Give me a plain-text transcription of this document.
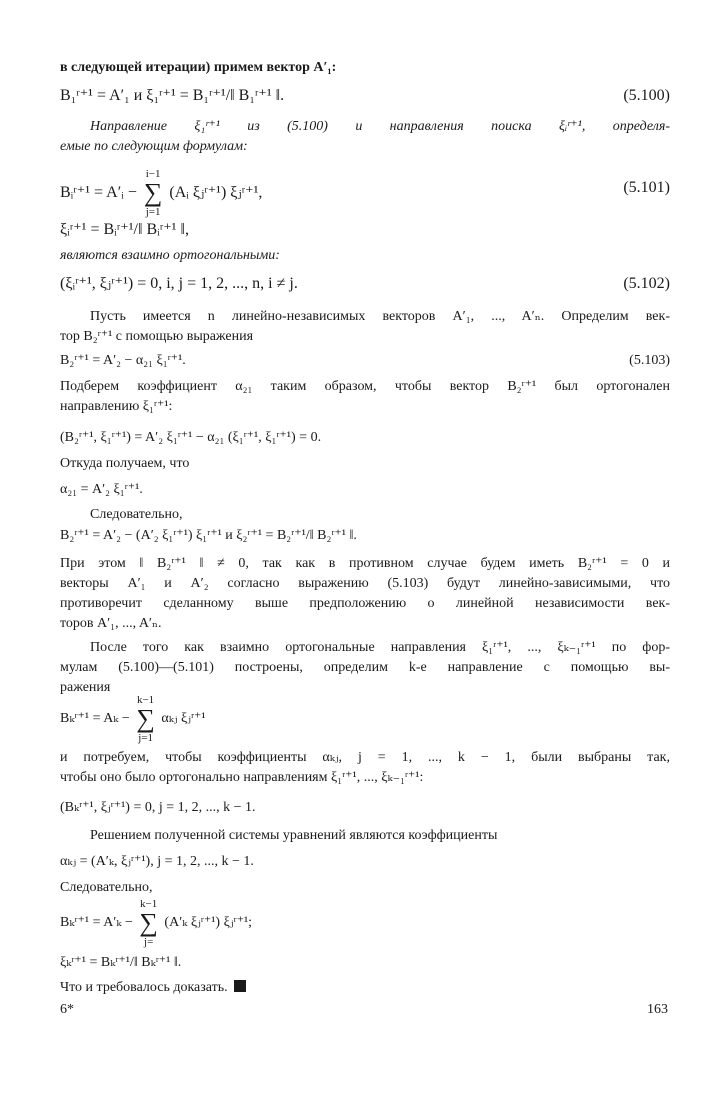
в следующей итерации) примем вектор A′₁:
B₁ʳ⁺¹ = A′₁ и ξ₁ʳ⁺¹ = B₁ʳ⁺¹/‖ B₁ʳ⁺¹ ‖.	(5.100)
Направление ξ₁ʳ⁺¹ из (5.100) и направления поиска ξᵢʳ⁺¹, определя-
емые по следующим формулам:
Bᵢʳ⁺¹ = A′ᵢ −
i−1
∑
j=1
(Aᵢ ξⱼʳ⁺¹) ξⱼʳ⁺¹,	(5.101)
ξᵢʳ⁺¹ = Bᵢʳ⁺¹/‖ Bᵢʳ⁺¹ ‖,
являются взаимно ортогональными:
(ξᵢʳ⁺¹, ξⱼʳ⁺¹) = 0, i, j = 1, 2, ..., n, i ≠ j.	(5.102)
Пусть имеется n линейно-независимых векторов A′₁, ..., A′ₙ. Определим век-
тор B₂ʳ⁺¹ с помощью выражения
B₂ʳ⁺¹ = A′₂ − α₂₁ ξ₁ʳ⁺¹.	(5.103)
Подберем коэффициент α₂₁ таким образом, чтобы вектор B₂ʳ⁺¹ был ортогонален
направлению ξ₁ʳ⁺¹:
(B₂ʳ⁺¹, ξ₁ʳ⁺¹) = A′₂ ξ₁ʳ⁺¹ − α₂₁ (ξ₁ʳ⁺¹, ξ₁ʳ⁺¹) = 0.
Откуда получаем, что
α₂₁ = A′₂ ξ₁ʳ⁺¹.
Следовательно,
B₂ʳ⁺¹ = A′₂ − (A′₂ ξ₁ʳ⁺¹) ξ₁ʳ⁺¹ и ξ₂ʳ⁺¹ = B₂ʳ⁺¹/‖ B₂ʳ⁺¹ ‖.
При этом ‖ B₂ʳ⁺¹ ‖ ≠ 0, так как в противном случае будем иметь B₂ʳ⁺¹ = 0 и
векторы A′₁ и A′₂ согласно выражению (5.103) будут линейно-зависимыми, что
противоречит сделанному выше предположению о линейной независимости век-
торов A′₁, ..., A′ₙ.
После того как взаимно ортогональные направления ξ₁ʳ⁺¹, ..., ξₖ₋₁ʳ⁺¹ по фор-
мулам (5.100)—(5.101) построены, определим k-е направление с помощью вы-
ражения
Bₖʳ⁺¹ = Aₖ −
k−1
∑
j=1
αₖⱼ ξⱼʳ⁺¹
и потребуем, чтобы коэффициенты αₖⱼ, j = 1, ..., k − 1, были выбраны так,
чтобы оно было ортогонально направлениям ξ₁ʳ⁺¹, ..., ξₖ₋₁ʳ⁺¹:
(Bₖʳ⁺¹, ξⱼʳ⁺¹) = 0, j = 1, 2, ..., k − 1.
Решением полученной системы уравнений являются коэффициенты
αₖⱼ = (A′ₖ, ξⱼʳ⁺¹), j = 1, 2, ..., k − 1.
Следовательно,
Bₖʳ⁺¹ = A′ₖ −
k−1
∑
j=
(A′ₖ ξⱼʳ⁺¹) ξⱼʳ⁺¹;
ξₖʳ⁺¹ = Bₖʳ⁺¹/‖ Bₖʳ⁺¹ ‖.
Что и требовалось доказать.
6*	163
